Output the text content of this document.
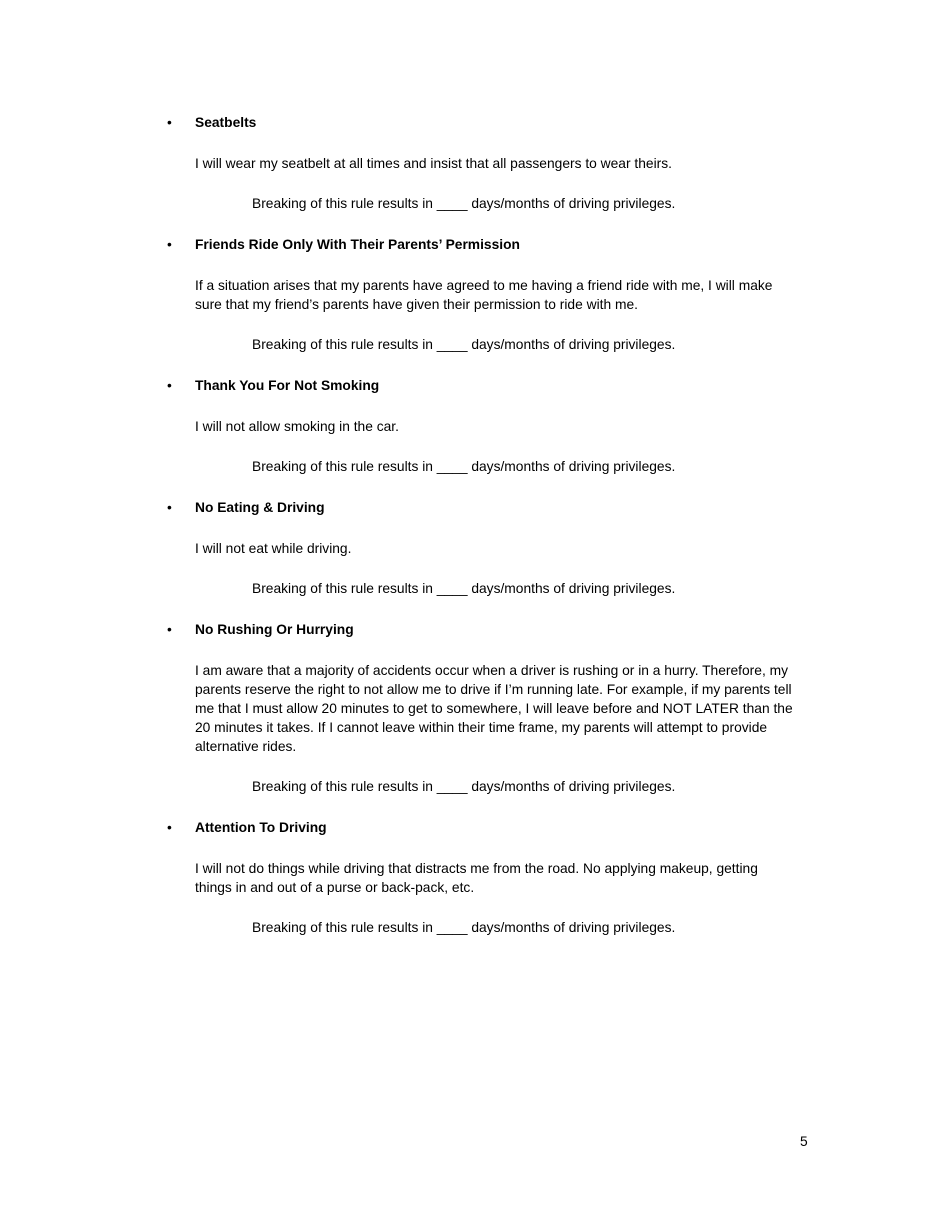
• Seatbelts

I will wear my seatbelt at all times and insist that all passengers to wear theirs.

Breaking of this rule results in ____ days/months of driving privileges.

• Friends Ride Only With Their Parents’ Permission

If a situation arises that my parents have agreed to me having a friend ride with me, I will make sure that my friend’s parents have given their permission to ride with me.

Breaking of this rule results in ____ days/months of driving privileges.

• Thank You For Not Smoking

I will not allow smoking in the car.

Breaking of this rule results in ____ days/months of driving privileges.

• No Eating & Driving

I will not eat while driving.

Breaking of this rule results in ____ days/months of driving privileges.

• No Rushing Or Hurrying

I am aware that a majority of accidents occur when a driver is rushing or in a hurry. Therefore, my parents reserve the right to not allow me to drive if I’m running late. For example, if my parents tell me that I must allow 20 minutes to get to somewhere, I will leave before and NOT LATER than the 20 minutes it takes. If I cannot leave within their time frame, my parents will attempt to provide alternative rides.

Breaking of this rule results in ____ days/months of driving privileges.

• Attention To Driving

I will not do things while driving that distracts me from the road. No applying makeup, getting things in and out of a purse or back-pack, etc.

Breaking of this rule results in ____ days/months of driving privileges.

5
